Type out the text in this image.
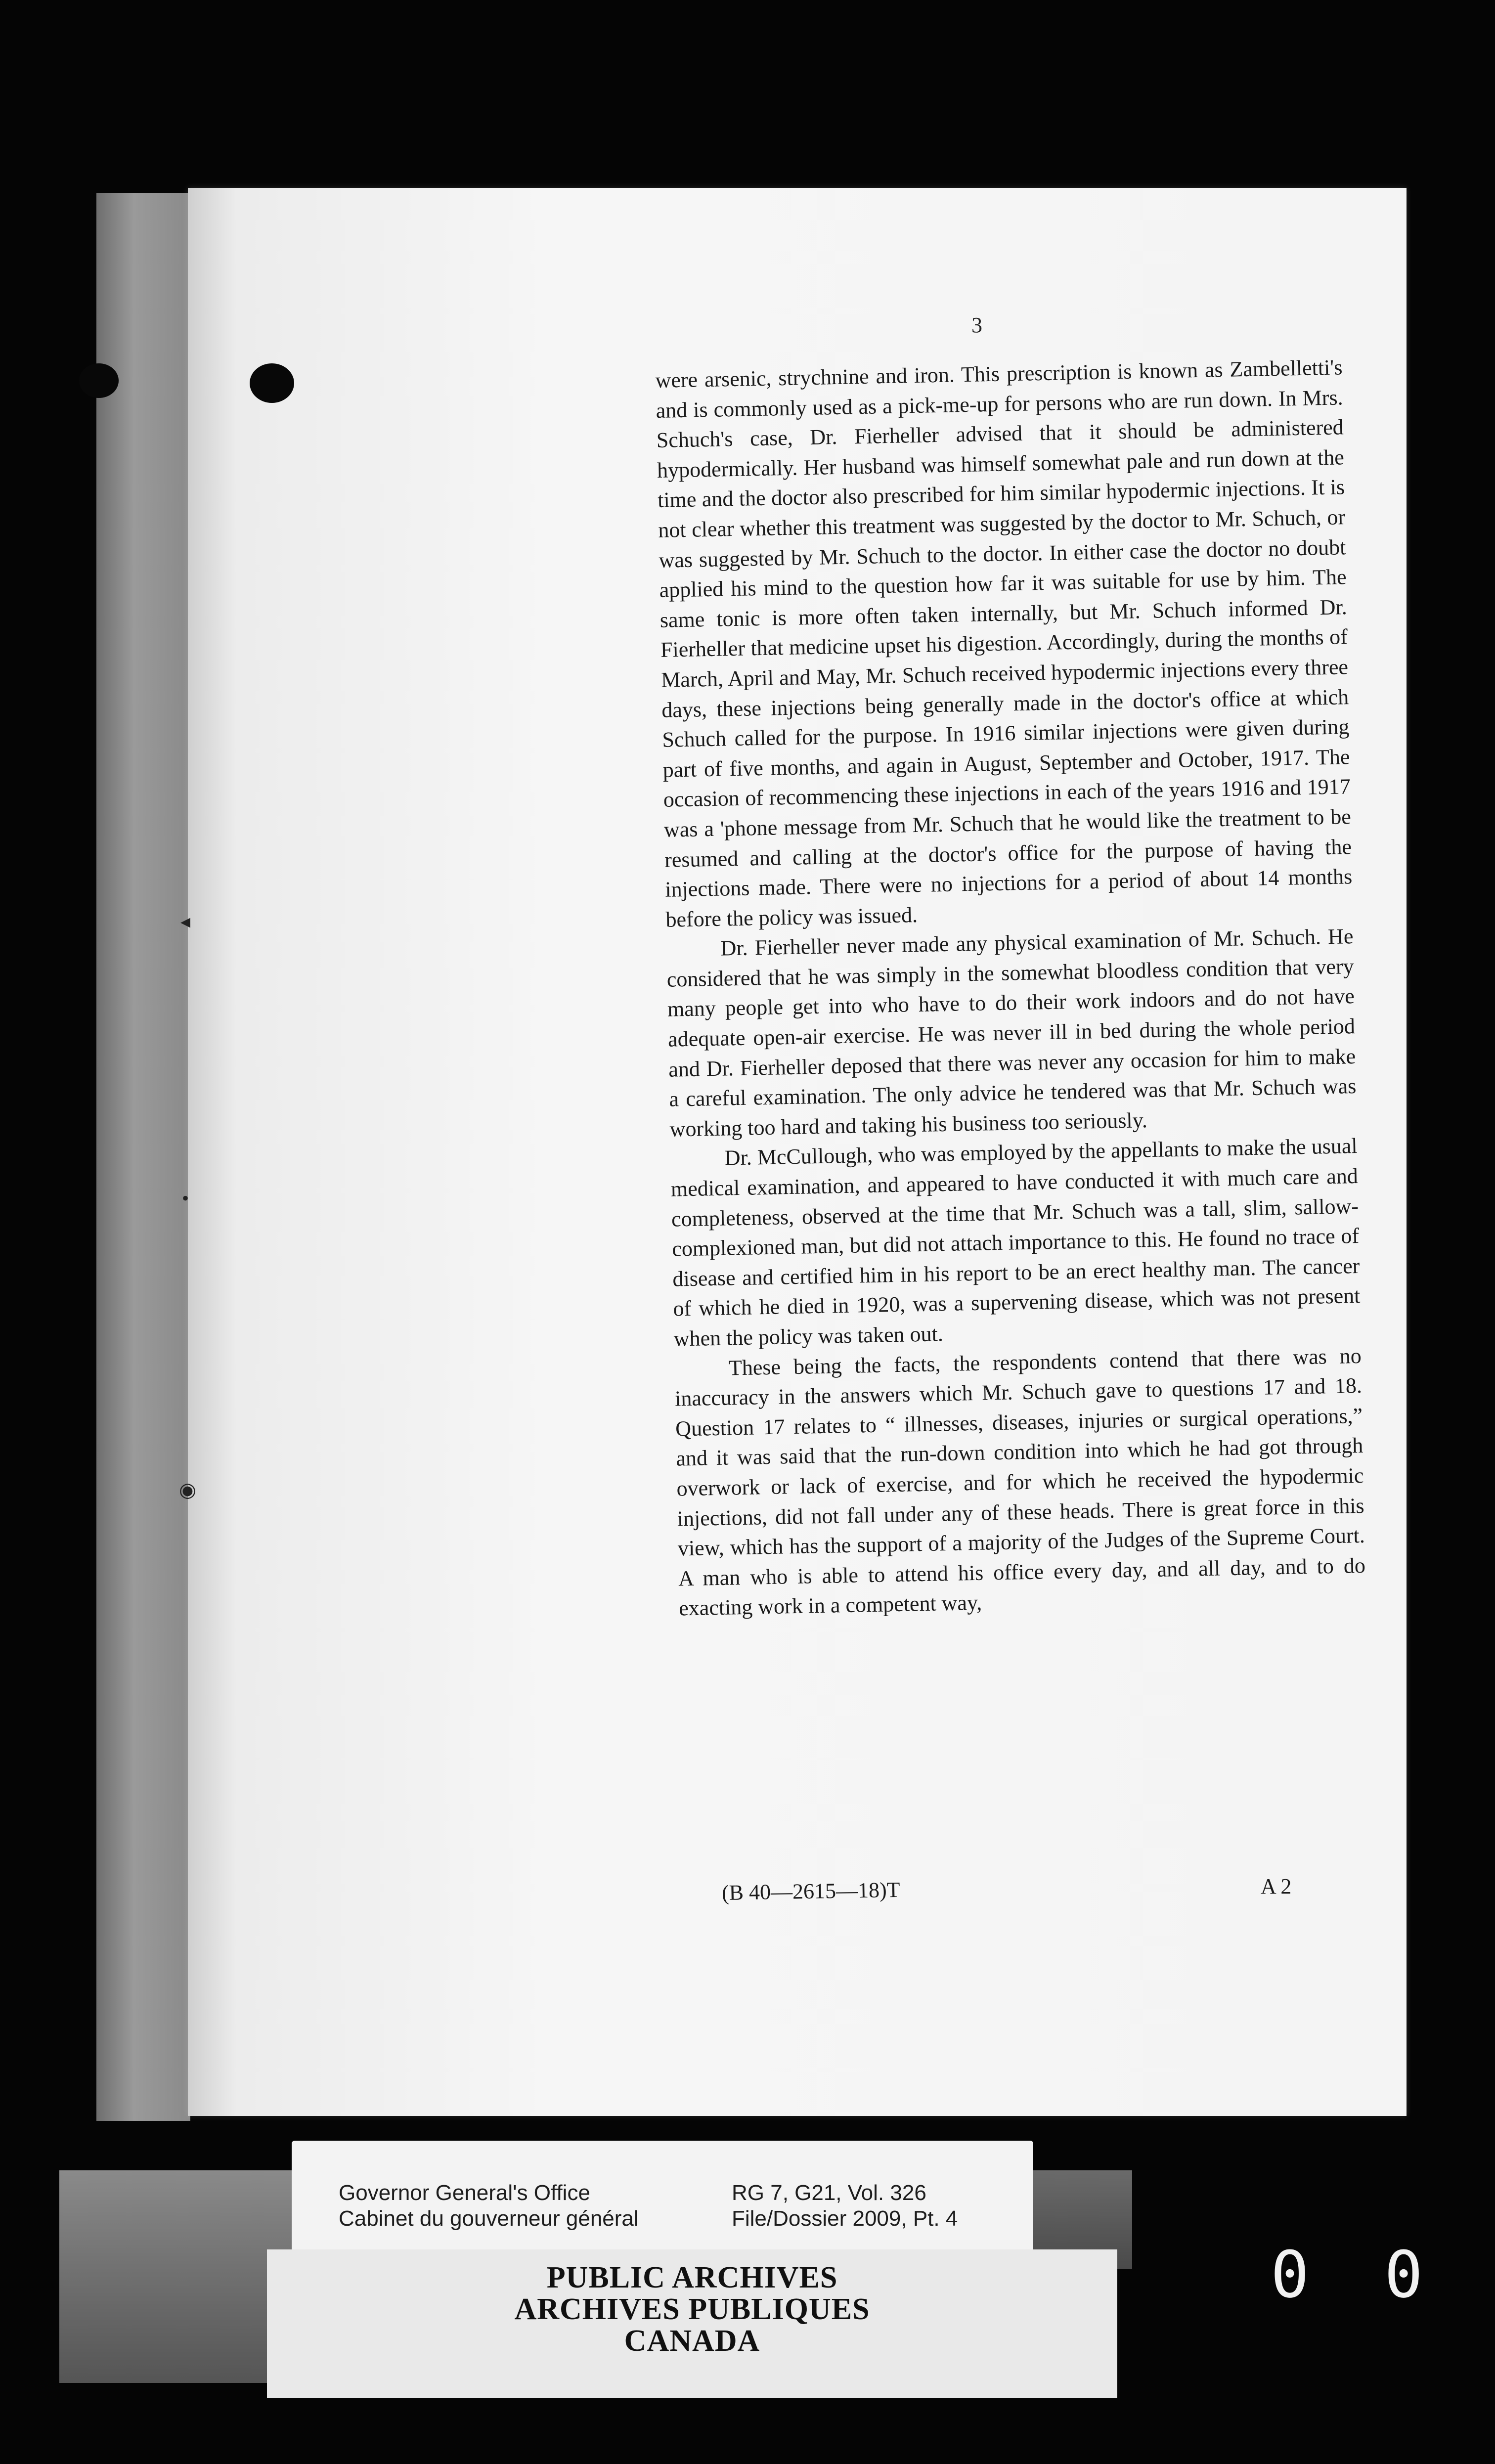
◂
•
◉
3

were arsenic, strychnine and iron. This prescription is known as Zambelletti's and is commonly used as a pick-me-up for persons who are run down. In Mrs. Schuch's case, Dr. Fierheller advised that it should be administered hypodermically. Her husband was himself somewhat pale and run down at the time and the doctor also prescribed for him similar hypodermic injections. It is not clear whether this treatment was suggested by the doctor to Mr. Schuch, or was suggested by Mr. Schuch to the doctor. In either case the doctor no doubt applied his mind to the question how far it was suitable for use by him. The same tonic is more often taken internally, but Mr. Schuch informed Dr. Fierheller that medicine upset his digestion. Accordingly, during the months of March, April and May, Mr. Schuch received hypodermic injections every three days, these injections being generally made in the doctor's office at which Schuch called for the purpose. In 1916 similar injections were given during part of five months, and again in August, September and October, 1917. The occasion of recommencing these injections in each of the years 1916 and 1917 was a 'phone message from Mr. Schuch that he would like the treatment to be resumed and calling at the doctor's office for the purpose of having the injections made. There were no injections for a period of about 14 months before the policy was issued.

Dr. Fierheller never made any physical examination of Mr. Schuch. He considered that he was simply in the somewhat bloodless condition that very many people get into who have to do their work indoors and do not have adequate open-air exercise. He was never ill in bed during the whole period and Dr. Fierheller deposed that there was never any occasion for him to make a careful examination. The only advice he tendered was that Mr. Schuch was working too hard and taking his business too seriously.

Dr. McCullough, who was employed by the appellants to make the usual medical examination, and appeared to have conducted it with much care and completeness, observed at the time that Mr. Schuch was a tall, slim, sallow-complexioned man, but did not attach importance to this. He found no trace of disease and certified him in his report to be an erect healthy man. The cancer of which he died in 1920, was a supervening disease, which was not present when the policy was taken out.

These being the facts, the respondents contend that there was no inaccuracy in the answers which Mr. Schuch gave to questions 17 and 18. Question 17 relates to “ illnesses, diseases, injuries or surgical operations,” and it was said that the run-down condition into which he had got through overwork or lack of exercise, and for which he received the hypodermic injections, did not fall under any of these heads. There is great force in this view, which has the support of a majority of the Judges of the Supreme Court. A man who is able to attend his office every day, and all day, and to do exacting work in a competent way,

(B 40—2615—18)T	A 2
Governor General's Office
Cabinet du gouverneur général
RG 7, G21, Vol. 326
File/Dossier 2009, Pt. 4
PUBLIC ARCHIVES
ARCHIVES PUBLIQUES
CANADA
0 0
